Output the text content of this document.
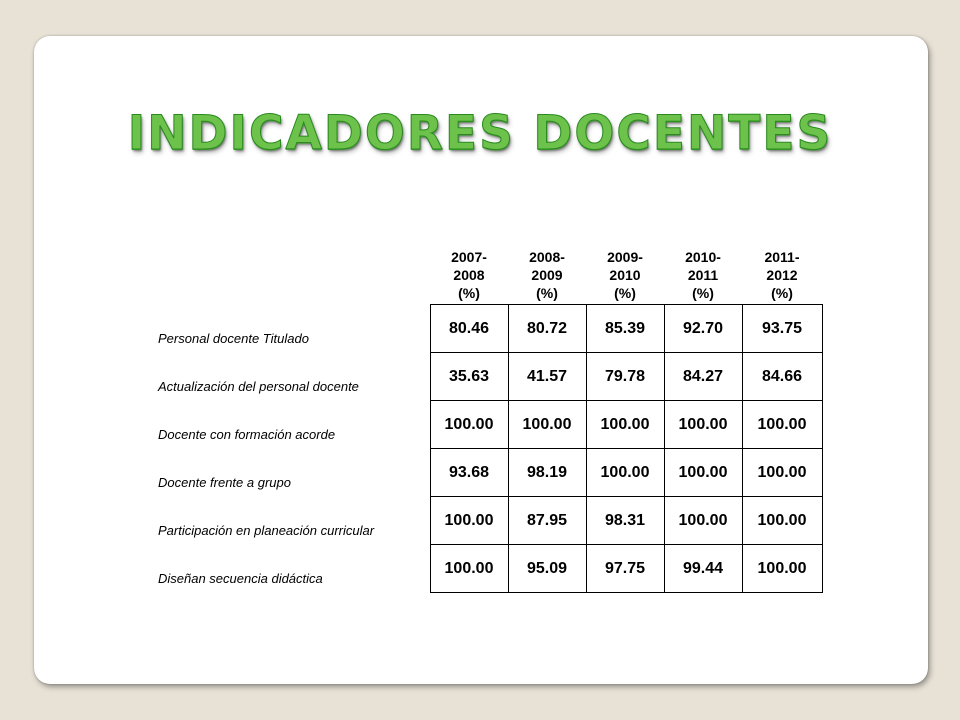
INDICADORES DOCENTES

	2007-
2008
(%)	2008-
2009
(%)	2009-
2010
(%)	2010-
2011
(%)	2011-
2012
(%)

Personal docente Titulado	80.46	80.72	85.39	92.70	93.75
Actualización del personal docente	35.63	41.57	79.78	84.27	84.66
Docente con formación acorde	100.00	100.00	100.00	100.00	100.00
Docente frente a grupo	93.68	98.19	100.00	100.00	100.00
Participación en planeación curricular	100.00	87.95	98.31	100.00	100.00
Diseñan secuencia didáctica	100.00	95.09	97.75	99.44	100.00
